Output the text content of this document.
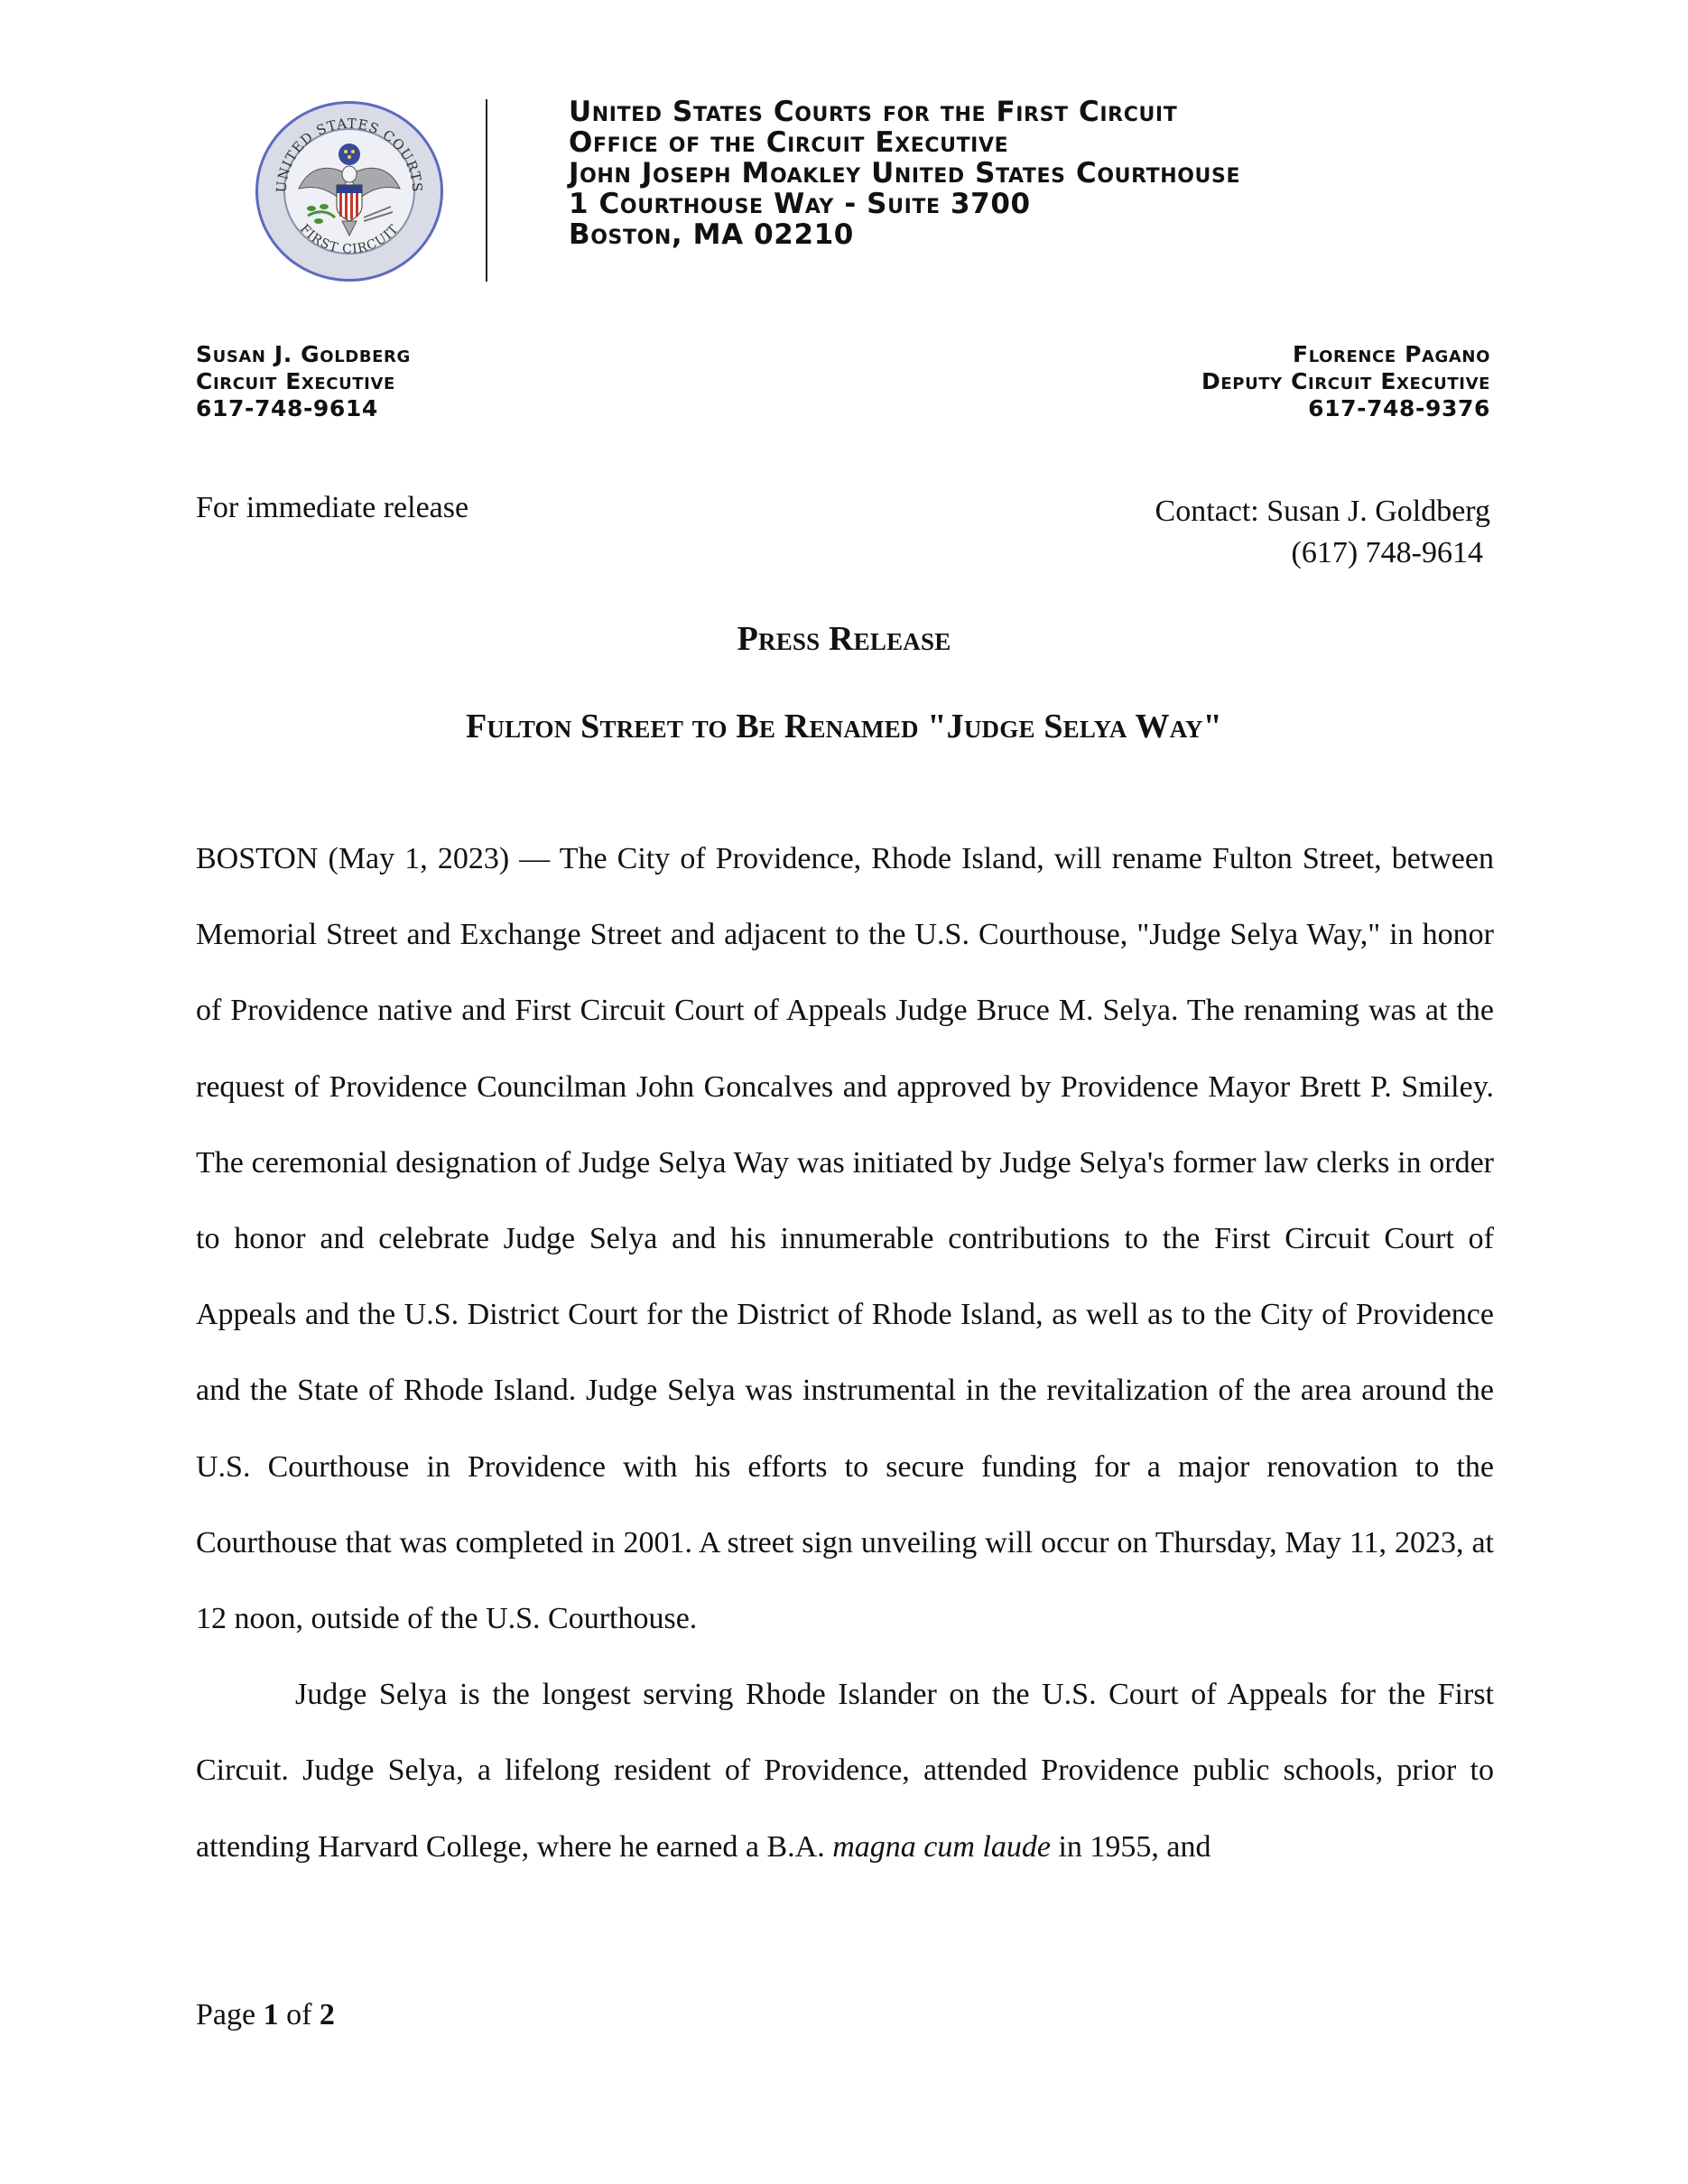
UNITED STATES COURTS
FIRST CIRCUIT
United States Courts for the First Circuit
Office of the Circuit Executive
John Joseph Moakley United States Courthouse
1 Courthouse Way - Suite 3700
Boston, MA 02210
Susan J. Goldberg
Circuit Executive
617-748-9614
Florence Pagano
Deputy Circuit Executive
617-748-9376
For immediate release	Contact: Susan J. Goldberg
(617) 748-9614
Press Release
Fulton Street to Be Renamed "Judge Selya Way"

BOSTON (May 1, 2023) — The City of Providence, Rhode Island, will rename Fulton Street, between Memorial Street and Exchange Street and adjacent to the U.S. Courthouse, "Judge Selya Way," in honor of Providence native and First Circuit Court of Appeals Judge Bruce M. Selya. The renaming was at the request of Providence Councilman John Goncalves and approved by Providence Mayor Brett P. Smiley. The ceremonial designation of Judge Selya Way was initiated by Judge Selya's former law clerks in order to honor and celebrate Judge Selya and his innumerable contributions to the First Circuit Court of Appeals and the U.S. District Court for the District of Rhode Island, as well as to the City of Providence and the State of Rhode Island. Judge Selya was instrumental in the revitalization of the area around the U.S. Courthouse in Providence with his efforts to secure funding for a major renovation to the Courthouse that was completed in 2001. A street sign unveiling will occur on Thursday, May 11, 2023, at 12 noon, outside of the U.S. Courthouse.

Judge Selya is the longest serving Rhode Islander on the U.S. Court of Appeals for the First Circuit. Judge Selya, a lifelong resident of Providence, attended Providence public schools, prior to attending Harvard College, where he earned a B.A. magna cum laude in 1955, and

Page 1 of 2
